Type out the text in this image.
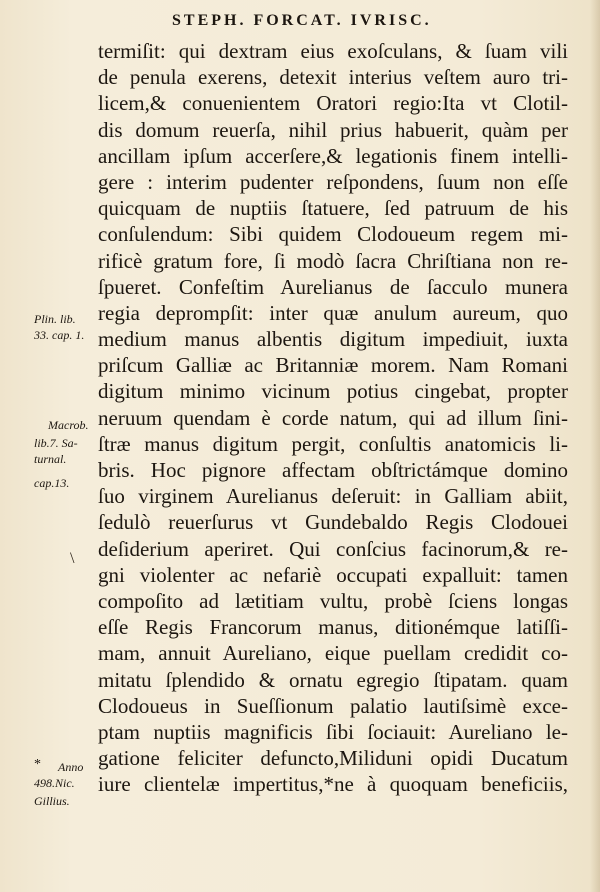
STEPH. FORCAT. IVRISC.
termiſit: qui dextram eius exoſculans, & ſuam vili
de penula exerens, detexit interius veſtem auro tri-
licem,& conuenientem Oratori regio:Ita vt Clotil-
dis domum reuerſa, nihil prius habuerit, quàm per
ancillam ipſum accerſere,& legationis finem intelli-
gere : interim pudenter reſpondens, ſuum non eſſe
quicquam de nuptiis ſtatuere, ſed patruum de his
conſulendum: Sibi quidem Clodoueum regem mi-
rificè gratum fore, ſi modò ſacra Chriſtiana non re-
ſpueret. Confeſtim Aurelianus de ſacculo munera
regia deprompſit: inter quæ anulum aureum, quo
medium manus albentis digitum impediuit, iuxta
priſcum Galliæ ac Britanniæ morem. Nam Romani
digitum minimo vicinum potius cingebat, propter
neruum quendam è corde natum, qui ad illum ſini-
ſtræ manus digitum pergit, conſultis anatomicis li-
bris. Hoc pignore affectam obſtrictámque domino
ſuo virginem Aurelianus deſeruit: in Galliam abiit,
ſedulò reuerſurus vt Gundebaldo Regis Clodouei
deſiderium aperiret. Qui conſcius facinorum,& re-
gni violenter ac nefariè occupati expalluit: tamen
compoſito ad lætitiam vultu, probè ſciens longas
eſſe Regis Francorum manus, ditionémque latiſſi-
mam, annuit Aureliano, eique puellam credidit co-
mitatu ſplendido & ornatu egregio ſtipatam. quam
Clodoueus in Sueſſionum palatio lautiſsimè exce-
ptam nuptiis magnificis ſibi ſociauit: Aureliano le-
gatione feliciter defunctо,Miliduni opidi Ducatum
iure clientelæ impertitus,*ne à quoquam beneficiis,
Plin. lib.
33. cap. 1.
Macrob.
lib.7. Sa-
turnal.
cap.13.
* Anno
498.Nic.
Gillius.
\
